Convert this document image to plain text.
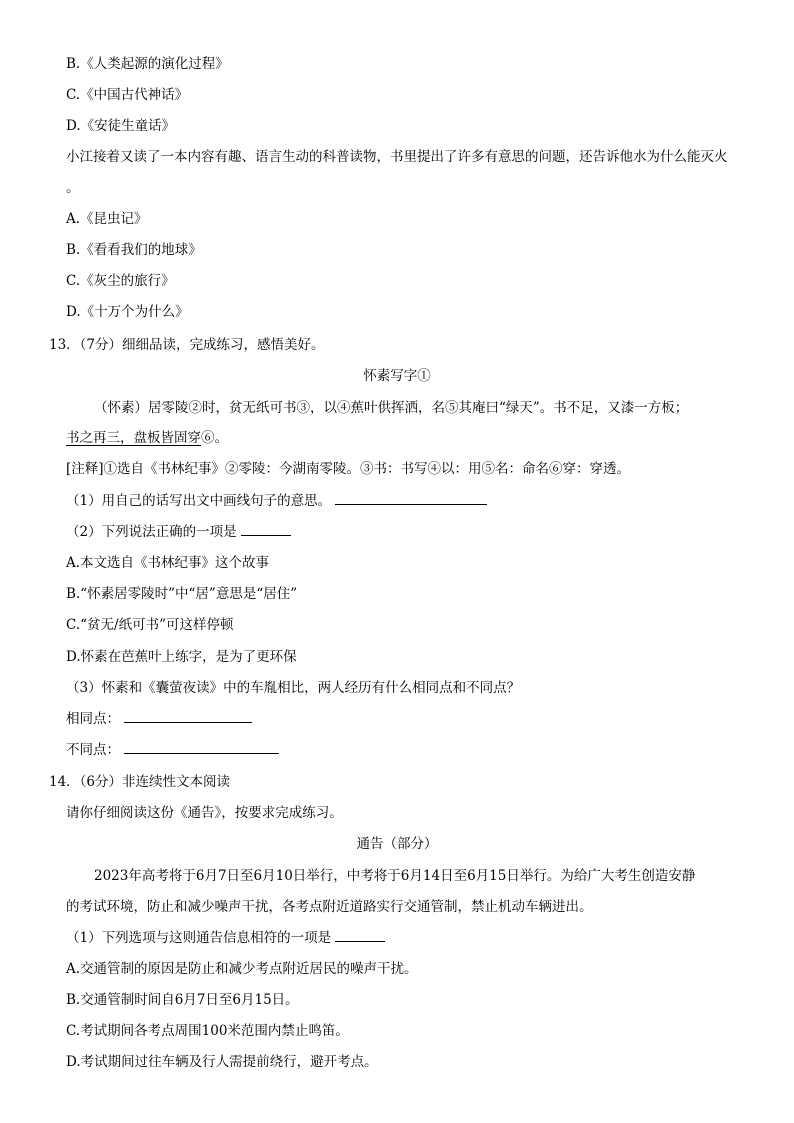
B.《人类起源的演化过程》
C.《中国古代神话》
D.《安徒生童话》
小江接着又读了一本内容有趣、语言生动的科普读物，书里提出了许多有意思的问题，还告诉他水为什么能灭火
。
A.《昆虫记》
B.《看看我们的地球》
C.《灰尘的旅行》
D.《十万个为什么》
13．（7分）细细品读，完成练习，感悟美好。
怀素写字①
（怀素）居零陵②时，贫无纸可书③，以④蕉叶供挥洒，名⑤其庵曰“绿天”。书不足，又漆一方板；
书之再三，盘板皆固穿⑥。
[注释]①选自《书林纪事》②零陵：今湖南零陵。③书：书写④以：用⑤名：命名⑥穿：穿透。
（1）用自己的话写出文中画线句子的意思。
（2）下列说法正确的一项是
A.本文选自《书林纪事》这个故事
B.“怀素居零陵时”中“居”意思是“居住”
C.“贫无/纸可书”可这样停顿
D.怀素在芭蕉叶上练字，是为了更环保
（3）怀素和《囊萤夜读》中的车胤相比，两人经历有什么相同点和不同点？
相同点：
不同点：
14．（6分）非连续性文本阅读
请你仔细阅读这份《通告》，按要求完成练习。
通告（部分）
2023年高考将于6月7日至6月10日举行，中考将于6月14日至6月15日举行。为给广大考生创造安静
的考试环境，防止和减少噪声干扰，各考点附近道路实行交通管制，禁止机动车辆进出。
（1）下列选项与这则通告信息相符的一项是
A.交通管制的原因是防止和减少考点附近居民的噪声干扰。
B.交通管制时间自6月7日至6月15日。
C.考试期间各考点周围100米范围内禁止鸣笛。
D.考试期间过往车辆及行人需提前绕行，避开考点。
